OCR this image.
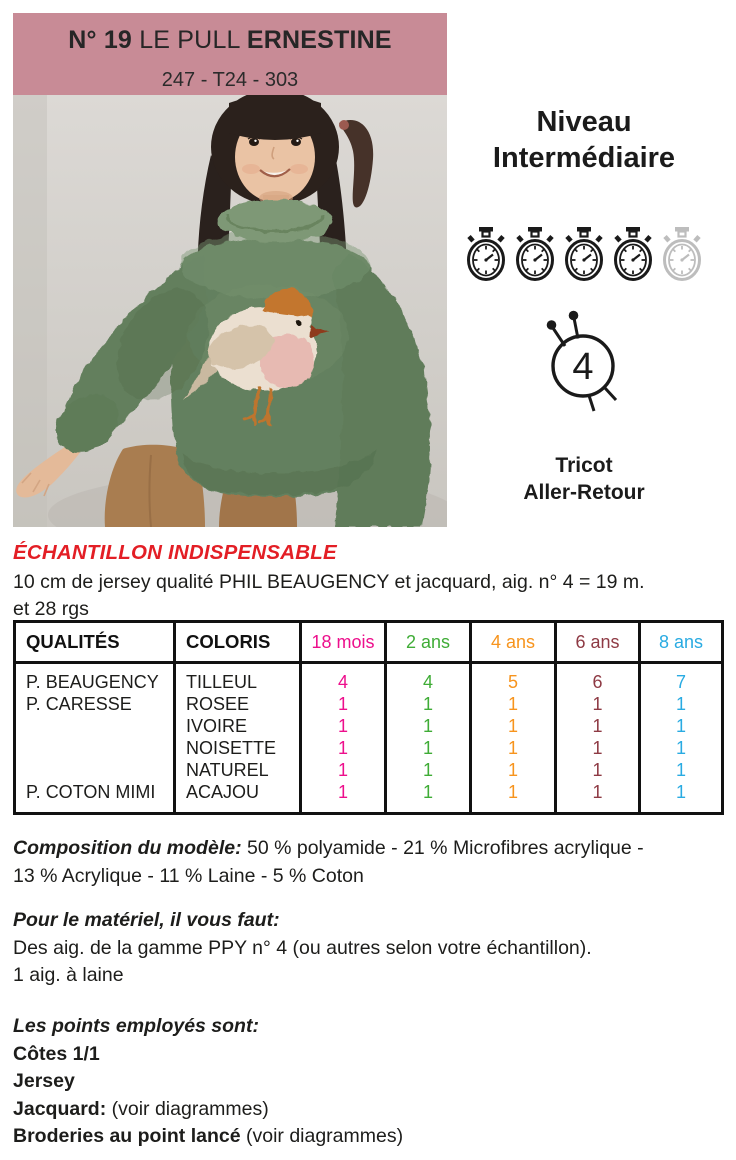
N° 19 LE PULL ERNESTINE
247 - T24 - 303
Niveau
Intermédiaire
4
Tricot
Aller-Retour
ÉCHANTILLON INDISPENSABLE
10 cm de jersey qualité PHIL BEAUGENCY et jacquard, aig. n° 4 = 19 m.
et 28 rgs
QUALITÉS	COLORIS	18 mois	2 ans	4 ans	6 ans	8 ans
P. BEAUGENCY	TILLEUL	4	4	5	6	7
P. CARESSE	ROSEE	1	1	1	1	1
	IVOIRE	1	1	1	1	1
	NOISETTE	1	1	1	1	1
	NATUREL	1	1	1	1	1
P. COTON MIMI	ACAJOU	1	1	1	1	1
Composition du modèle: 50 % polyamide - 21 % Microfibres acrylique -
13 % Acrylique - 11 % Laine - 5 % Coton
Pour le matériel, il vous faut:
Des aig. de la gamme PPY n° 4 (ou autres selon votre échantillon).
1 aig. à laine
Les points employés sont:
Côtes 1/1
Jersey
Jacquard: (voir diagrammes)
Broderies au point lancé (voir diagrammes)
